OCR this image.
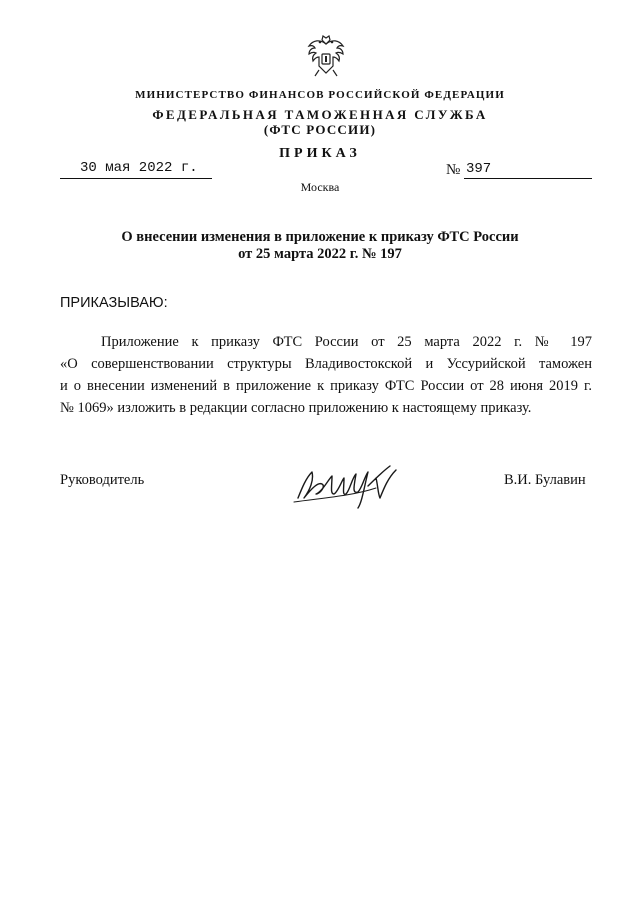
МИНИСТЕРСТВО ФИНАНСОВ РОССИЙСКОЙ ФЕДЕРАЦИИ
ФЕДЕРАЛЬНАЯ ТАМОЖЕННАЯ СЛУЖБА
(ФТС РОССИИ)
ПРИКАЗ
30 мая 2022 г.	№ 397
Москва
О внесении изменения в приложение к приказу ФТС России
от 25 марта 2022 г. № 197
ПРИКАЗЫВАЮ:
Приложение к приказу ФТС России от 25 марта 2022 г. № 197
«О совершенствовании структуры Владивостокской и Уссурийской таможен
и о внесении изменений в приложение к приказу ФТС России от 28 июня 2019 г.
№ 1069» изложить в редакции согласно приложению к настоящему приказу.
Руководитель	В.И. Булавин
